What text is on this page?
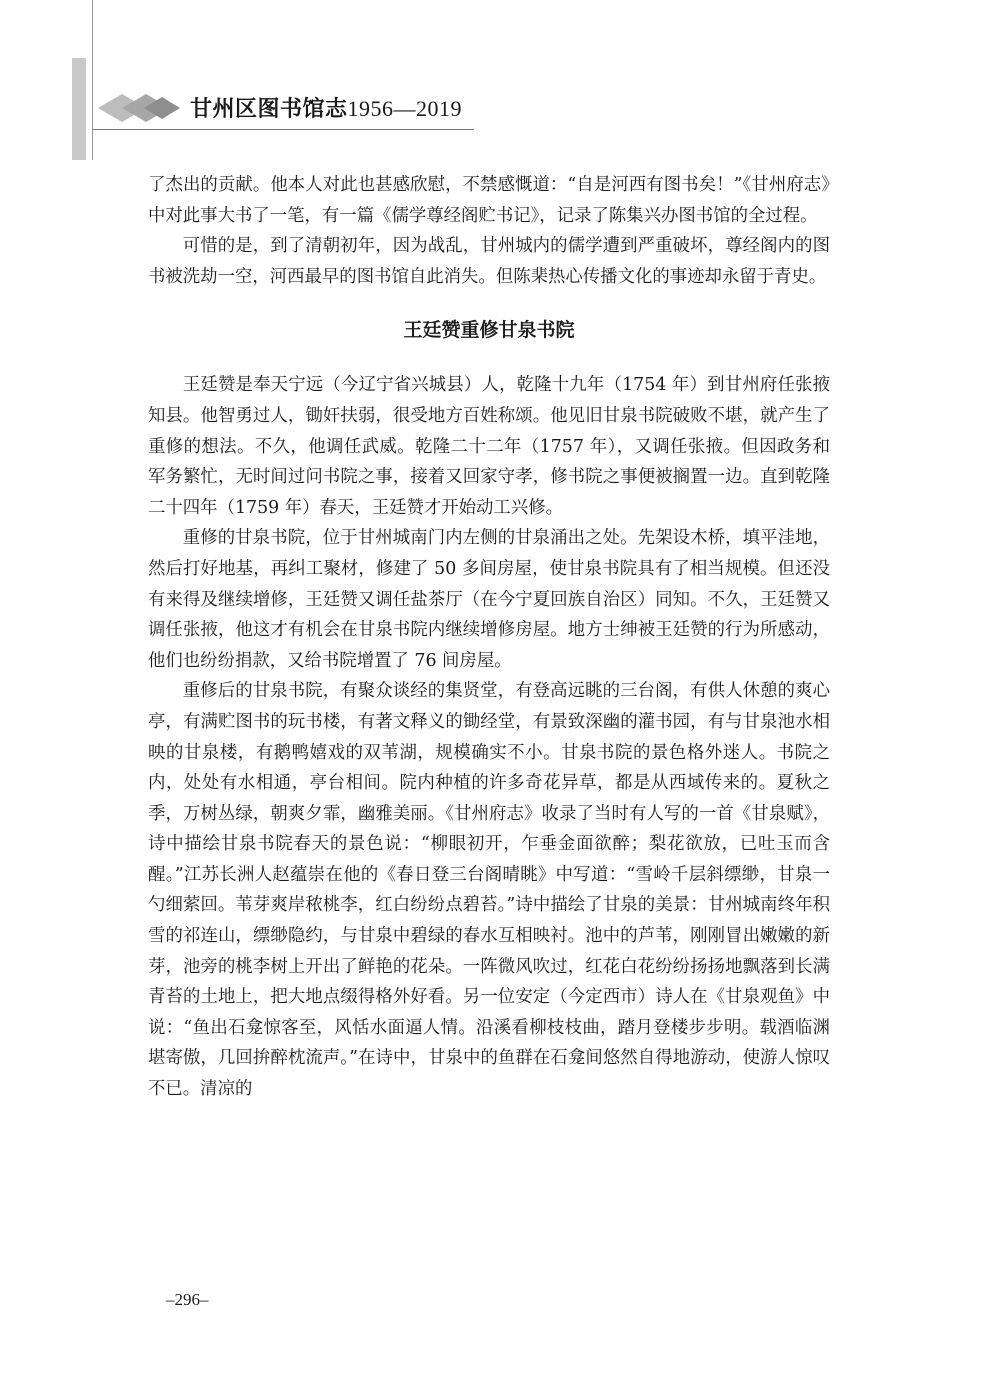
甘州区图书馆志1956—2019

了杰出的贡献。他本人对此也甚感欣慰，不禁感慨道：“自是河西有图书矣！”《甘州府志》中对此事大书了一笔，有一篇《儒学尊经阁贮书记》，记录了陈集兴办图书馆的全过程。

可惜的是，到了清朝初年，因为战乱，甘州城内的儒学遭到严重破坏，尊经阁内的图书被洗劫一空，河西最早的图书馆自此消失。但陈棐热心传播文化的事迹却永留于青史。

王廷赞重修甘泉书院

王廷赞是奉天宁远（今辽宁省兴城县）人，乾隆十九年（1754 年）到甘州府任张掖知县。他智勇过人，锄奸扶弱，很受地方百姓称颂。他见旧甘泉书院破败不堪，就产生了重修的想法。不久，他调任武威。乾隆二十二年（1757 年），又调任张掖。但因政务和军务繁忙，无时间过问书院之事，接着又回家守孝，修书院之事便被搁置一边。直到乾隆二十四年（1759 年）春天，王廷赞才开始动工兴修。

重修的甘泉书院，位于甘州城南门内左侧的甘泉涌出之处。先架设木桥，填平洼地，然后打好地基，再纠工聚材，修建了 50 多间房屋，使甘泉书院具有了相当规模。但还没有来得及继续增修，王廷赞又调任盐茶厅（在今宁夏回族自治区）同知。不久，王廷赞又调任张掖，他这才有机会在甘泉书院内继续增修房屋。地方士绅被王廷赞的行为所感动，他们也纷纷捐款，又给书院增置了 76 间房屋。

重修后的甘泉书院，有聚众谈经的集贤堂，有登高远眺的三台阁，有供人休憩的爽心亭，有满贮图书的玩书楼，有著文释义的锄经堂，有景致深幽的灌书园，有与甘泉池水相映的甘泉楼，有鹅鸭嬉戏的双苇湖，规模确实不小。甘泉书院的景色格外迷人。书院之内，处处有水相通，亭台相间。院内种植的许多奇花异草，都是从西域传来的。夏秋之季，万树丛绿，朝爽夕霏，幽雅美丽。《甘州府志》收录了当时有人写的一首《甘泉赋》，诗中描绘甘泉书院春天的景色说：“柳眼初开，乍垂金面欲醉；梨花欲放，已吐玉而含醒。”江苏长洲人赵蕴崇在他的《春日登三台阁晴眺》中写道：“雪岭千层斜缥缈，甘泉一勺细萦回。苇芽爽岸秾桃李，红白纷纷点碧苔。”诗中描绘了甘泉的美景：甘州城南终年积雪的祁连山，缥缈隐约，与甘泉中碧绿的春水互相映衬。池中的芦苇，刚刚冒出嫩嫩的新芽，池旁的桃李树上开出了鲜艳的花朵。一阵微风吹过，红花白花纷纷扬扬地飘落到长满青苔的土地上，把大地点缀得格外好看。另一位安定（今定西市）诗人在《甘泉观鱼》中说：“鱼出石龛惊客至，风恬水面逼人情。沿溪看柳枝枝曲，踏月登楼步步明。载酒临渊堪寄傲，几回拚醉枕流声。”在诗中，甘泉中的鱼群在石龛间悠然自得地游动，使游人惊叹不已。清凉的

–296–
